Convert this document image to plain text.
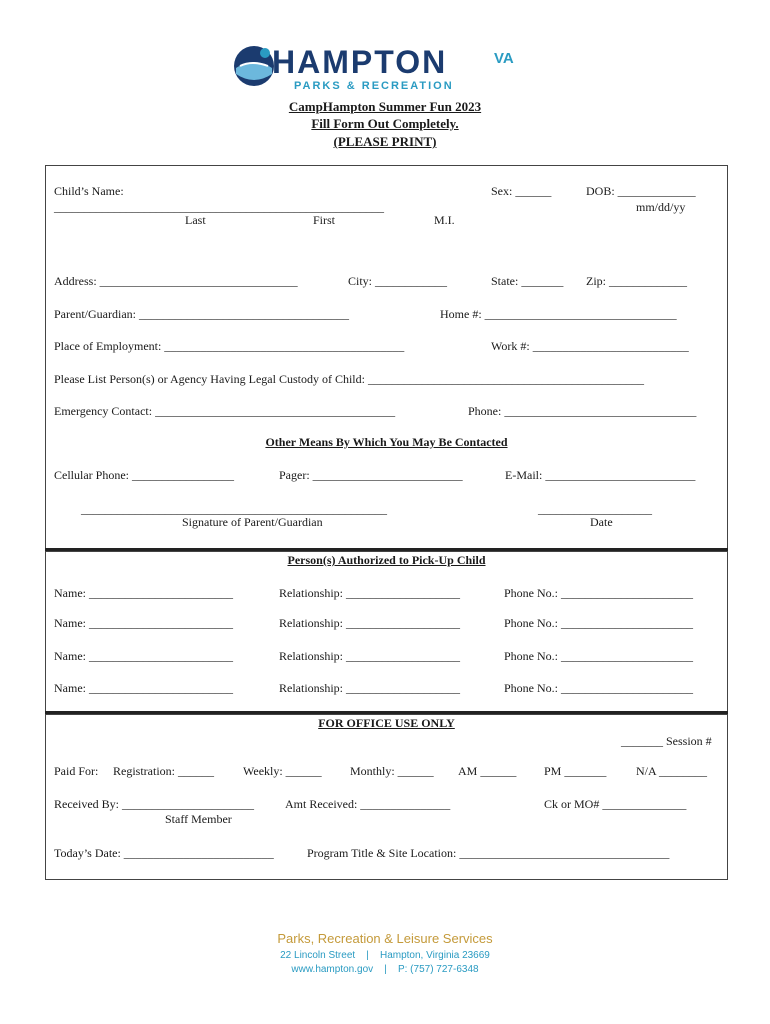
HAMPTON	VA
PARKS & RECREATION
CampHampton Summer Fun 2023
Fill Form Out Completely.
(PLEASE PRINT)
Child’s Name:	Sex: ______	DOB: _____________
mm/dd/yy
_______________________________________________________
Last	First	M.I.
Address: _________________________________	City: ____________	State: _______ Zip: _____________
Parent/Guardian: ___________________________________	Home #: ________________________________
Place of Employment: ________________________________________	Work #: __________________________
Please List Person(s) or Agency Having Legal Custody of Child: ______________________________________________
Emergency Contact: ________________________________________	Phone: ________________________________
Other Means By Which You May Be Contacted
Cellular Phone: _________________	Pager: _________________________	E-Mail: _________________________
___________________________________________________
Signature of Parent/Guardian
___________________
Date
Person(s) Authorized to Pick-Up Child
Name: ________________________	Relationship: ___________________	Phone No.: ______________________
Name: ________________________	Relationship: ___________________	Phone No.: ______________________
Name: ________________________	Relationship: ___________________	Phone No.: ______________________
Name: ________________________	Relationship: ___________________	Phone No.: ______________________
FOR OFFICE USE ONLY
_______ Session #
Paid For: Registration: ______ Weekly: ______ Monthly: ______ AM ______ PM _______ N/A ________
Received By: ______________________	Amt Received: _______________	Ck or MO# ______________
Staff Member
Today’s Date: _________________________	Program Title & Site Location: ___________________________________
Parks, Recreation & Leisure Services
22 Lincoln Street    |    Hampton, Virginia 23669
www.hampton.gov    |    P: (757) 727-6348
